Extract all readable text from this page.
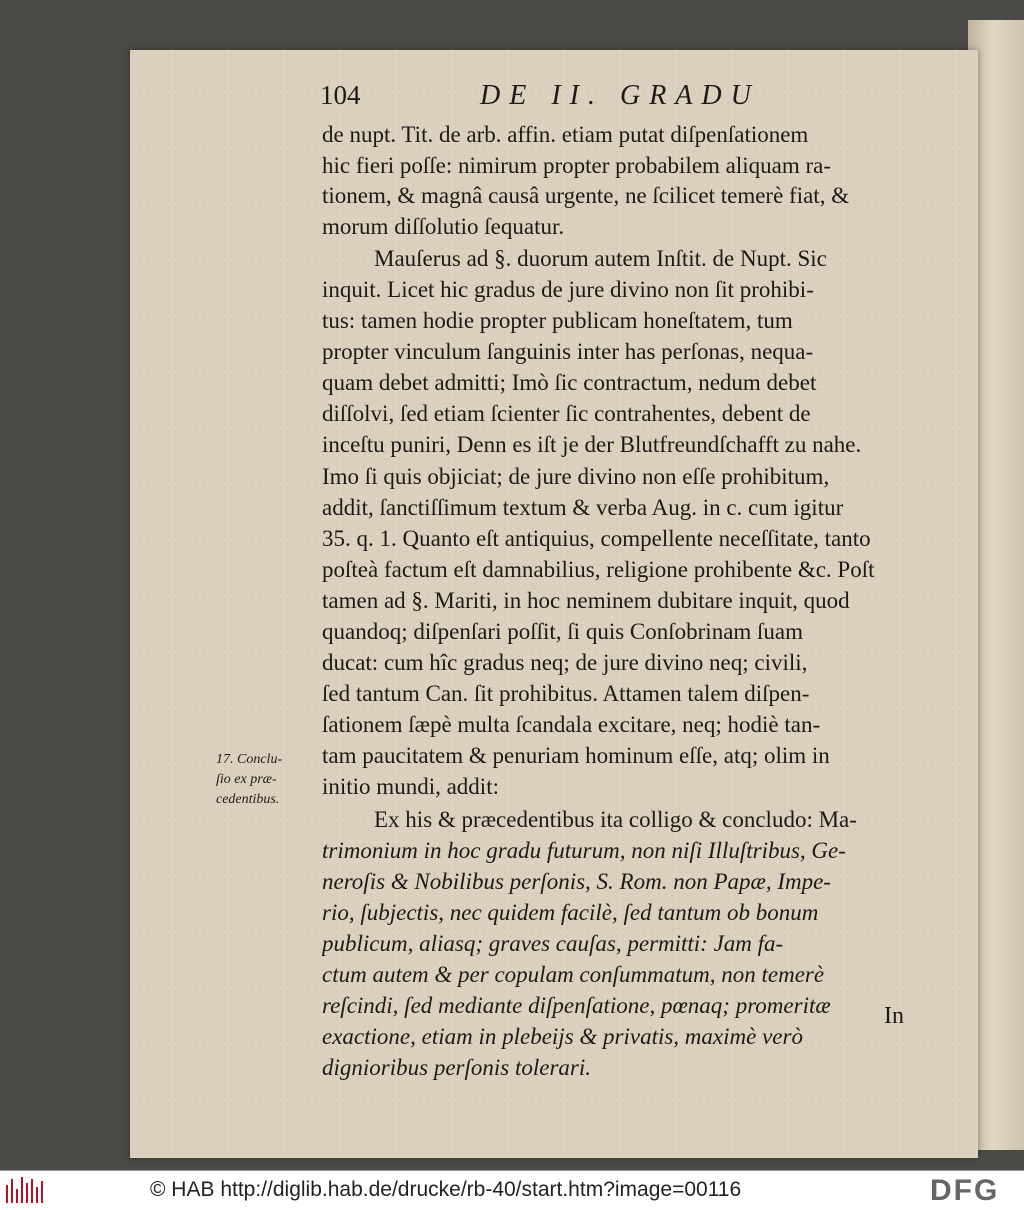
104	DE II. GRADU
de nupt. Tit. de arb. affin. etiam putat diſpenſationem
hic fieri poſſe: nimirum propter probabilem aliquam ra-
tionem, & magnâ causâ urgente, ne ſcilicet temerè fiat, &
morum diſſolutio ſequatur.
Mauſerus ad §. duorum autem Inſtit. de Nupt. Sic
inquit. Licet hic gradus de jure divino non ſit prohibi-
tus: tamen hodie propter publicam honeſtatem, tum
propter vinculum ſanguinis inter has perſonas, nequa-
quam debet admitti; Imò ſic contractum, nedum debet
diſſolvi, ſed etiam ſcienter ſic contrahentes, debent de
inceſtu puniri, Denn es iſt je der Blutfreundſchafft zu nahe.
Imo ſi quis objiciat; de jure divino non eſſe prohibitum,
addit, ſanctiſſimum textum & verba Aug. in c. cum igitur
35. q. 1. Quanto eſt antiquius, compellente neceſſitate, tanto
poſteà factum eſt damnabilius, religione prohibente &c. Poſt
tamen ad §. Mariti, in hoc neminem dubitare inquit, quod
quandoq; diſpenſari poſſit, ſi quis Conſobrinam ſuam
ducat: cum hîc gradus neq; de jure divino neq; civili,
ſed tantum Can. ſit prohibitus. Attamen talem diſpen-
ſationem ſæpè multa ſcandala excitare, neq; hodiè tan-
tam paucitatem & penuriam hominum eſſe, atq; olim in
initio mundi, addit:
17. Conclu-
ſio ex præ-
cedentibus.
Ex his & præcedentibus ita colligo & concludo: Ma-
trimonium in hoc gradu futurum, non niſi Illuſtribus, Ge-
neroſis & Nobilibus perſonis, S. Rom. non Papæ, Impe-
rio, ſubjectis, nec quidem facilè, ſed tantum ob bonum
publicum, aliasq; graves cauſas, permitti: Jam fa-
ctum autem & per copulam conſummatum, non temerè
reſcindi, ſed mediante diſpenſatione, pœnaq; promeritæ
exactione, etiam in plebeijs & privatis, maximè verò
dignioribus perſonis tolerari.
In
© HAB http://diglib.hab.de/drucke/rb-40/start.htm?image=00116	DFG
